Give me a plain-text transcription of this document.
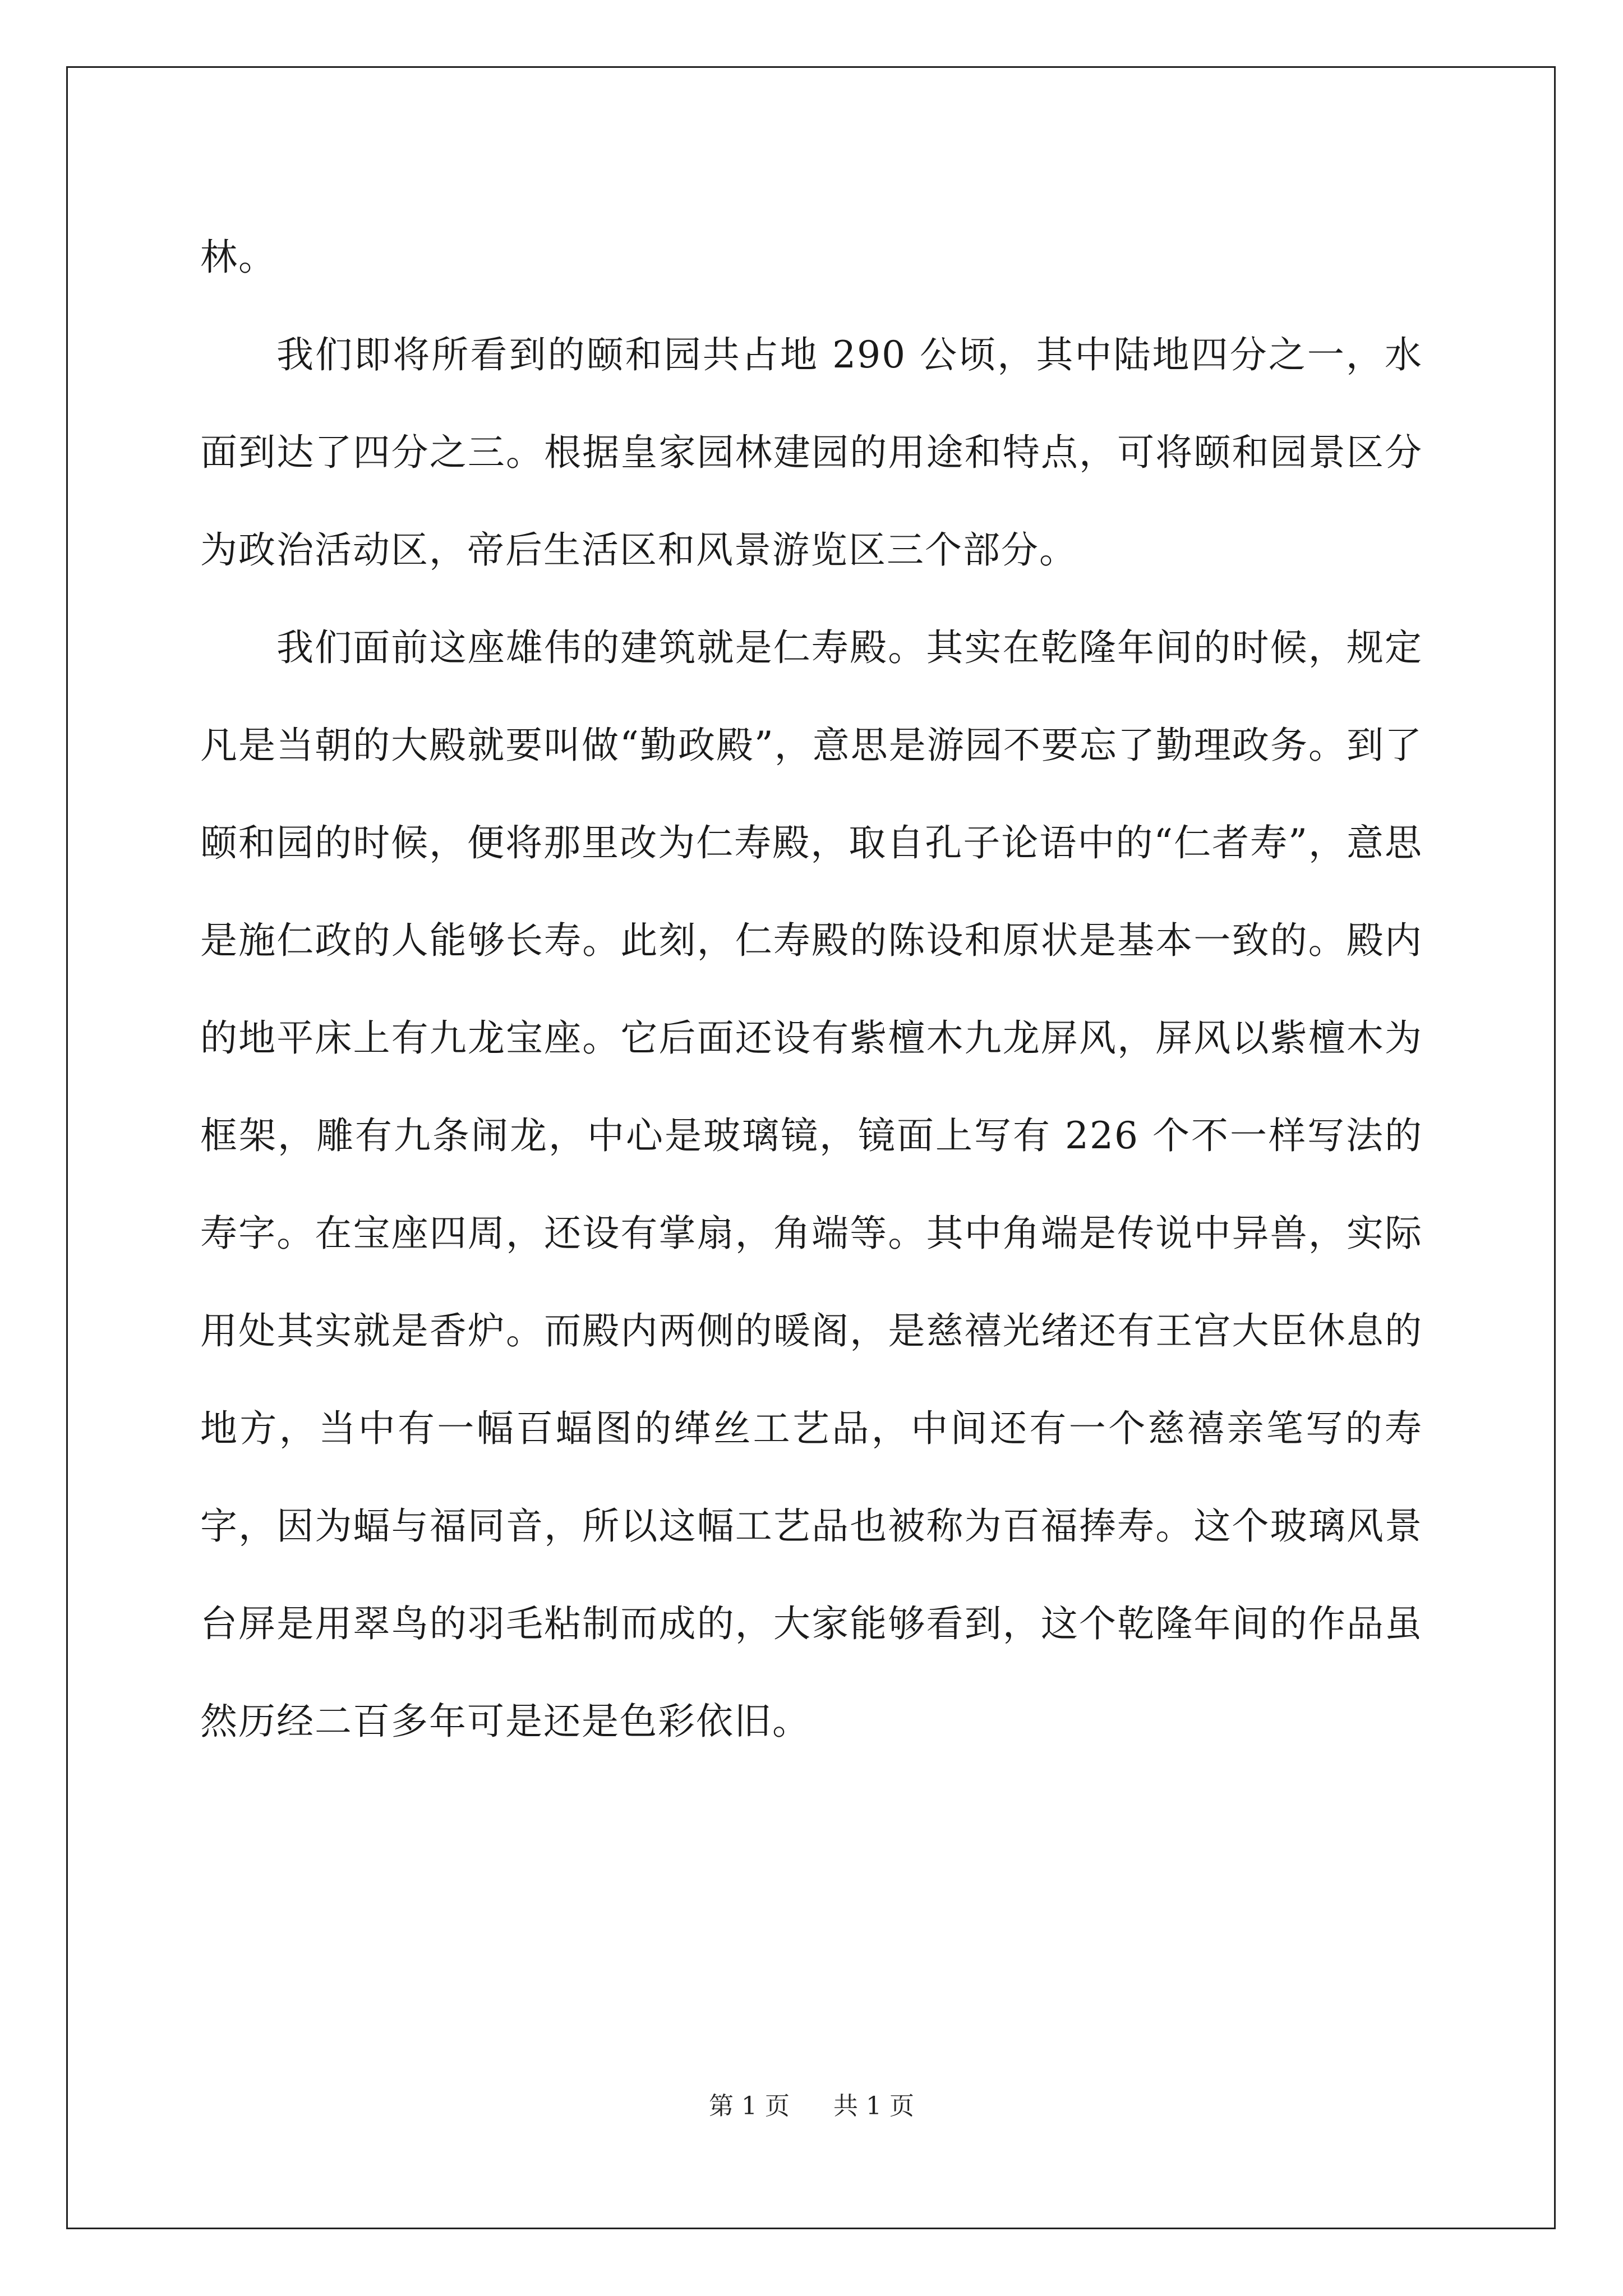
林。

我们即将所看到的颐和园共占地 290 公顷，其中陆地四分之一，水面到达了四分之三。根据皇家园林建园的用途和特点，可将颐和园景区分为政治活动区，帝后生活区和风景游览区三个部分。

我们面前这座雄伟的建筑就是仁寿殿。其实在乾隆年间的时候，规定凡是当朝的大殿就要叫做“勤政殿”，意思是游园不要忘了勤理政务。到了颐和园的时候，便将那里改为仁寿殿，取自孔子论语中的“仁者寿”，意思是施仁政的人能够长寿。此刻，仁寿殿的陈设和原状是基本一致的。殿内的地平床上有九龙宝座。它后面还设有紫檀木九龙屏风，屏风以紫檀木为框架，雕有九条闹龙，中心是玻璃镜，镜面上写有 226 个不一样写法的寿字。在宝座四周，还设有掌扇，角端等。其中角端是传说中异兽，实际用处其实就是香炉。而殿内两侧的暖阁，是慈禧光绪还有王宫大臣休息的地方，当中有一幅百蝠图的缂丝工艺品，中间还有一个慈禧亲笔写的寿字，因为蝠与福同音，所以这幅工艺品也被称为百福捧寿。这个玻璃风景台屏是用翠鸟的羽毛粘制而成的，大家能够看到，这个乾隆年间的作品虽然历经二百多年可是还是色彩依旧。

第 1 页 共 1 页
